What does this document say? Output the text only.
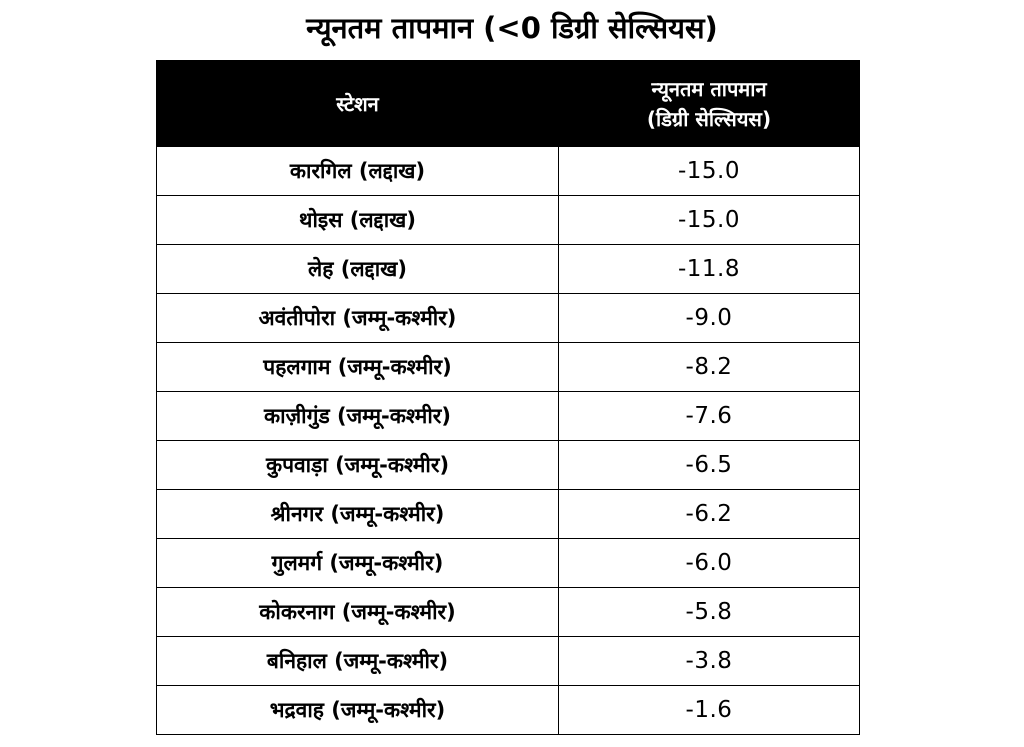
न्यूनतम तापमान (<0 डिग्री सेल्सियस)
स्टेशन	न्यूनतम तापमान
(डिग्री सेल्सियस)

कारगिल (लद्दाख)	-15.0
थोइस (लद्दाख)	-15.0
लेह (लद्दाख)	-11.8
अवंतीपोरा (जम्मू-कश्मीर)	-9.0
पहलगाम (जम्मू-कश्मीर)	-8.2
काज़ीगुंड (जम्मू-कश्मीर)	-7.6
कुपवाड़ा (जम्मू-कश्मीर)	-6.5
श्रीनगर (जम्मू-कश्मीर)	-6.2
गुलमर्ग (जम्मू-कश्मीर)	-6.0
कोकरनाग (जम्मू-कश्मीर)	-5.8
बनिहाल (जम्मू-कश्मीर)	-3.8
भद्रवाह (जम्मू-कश्मीर)	-1.6
